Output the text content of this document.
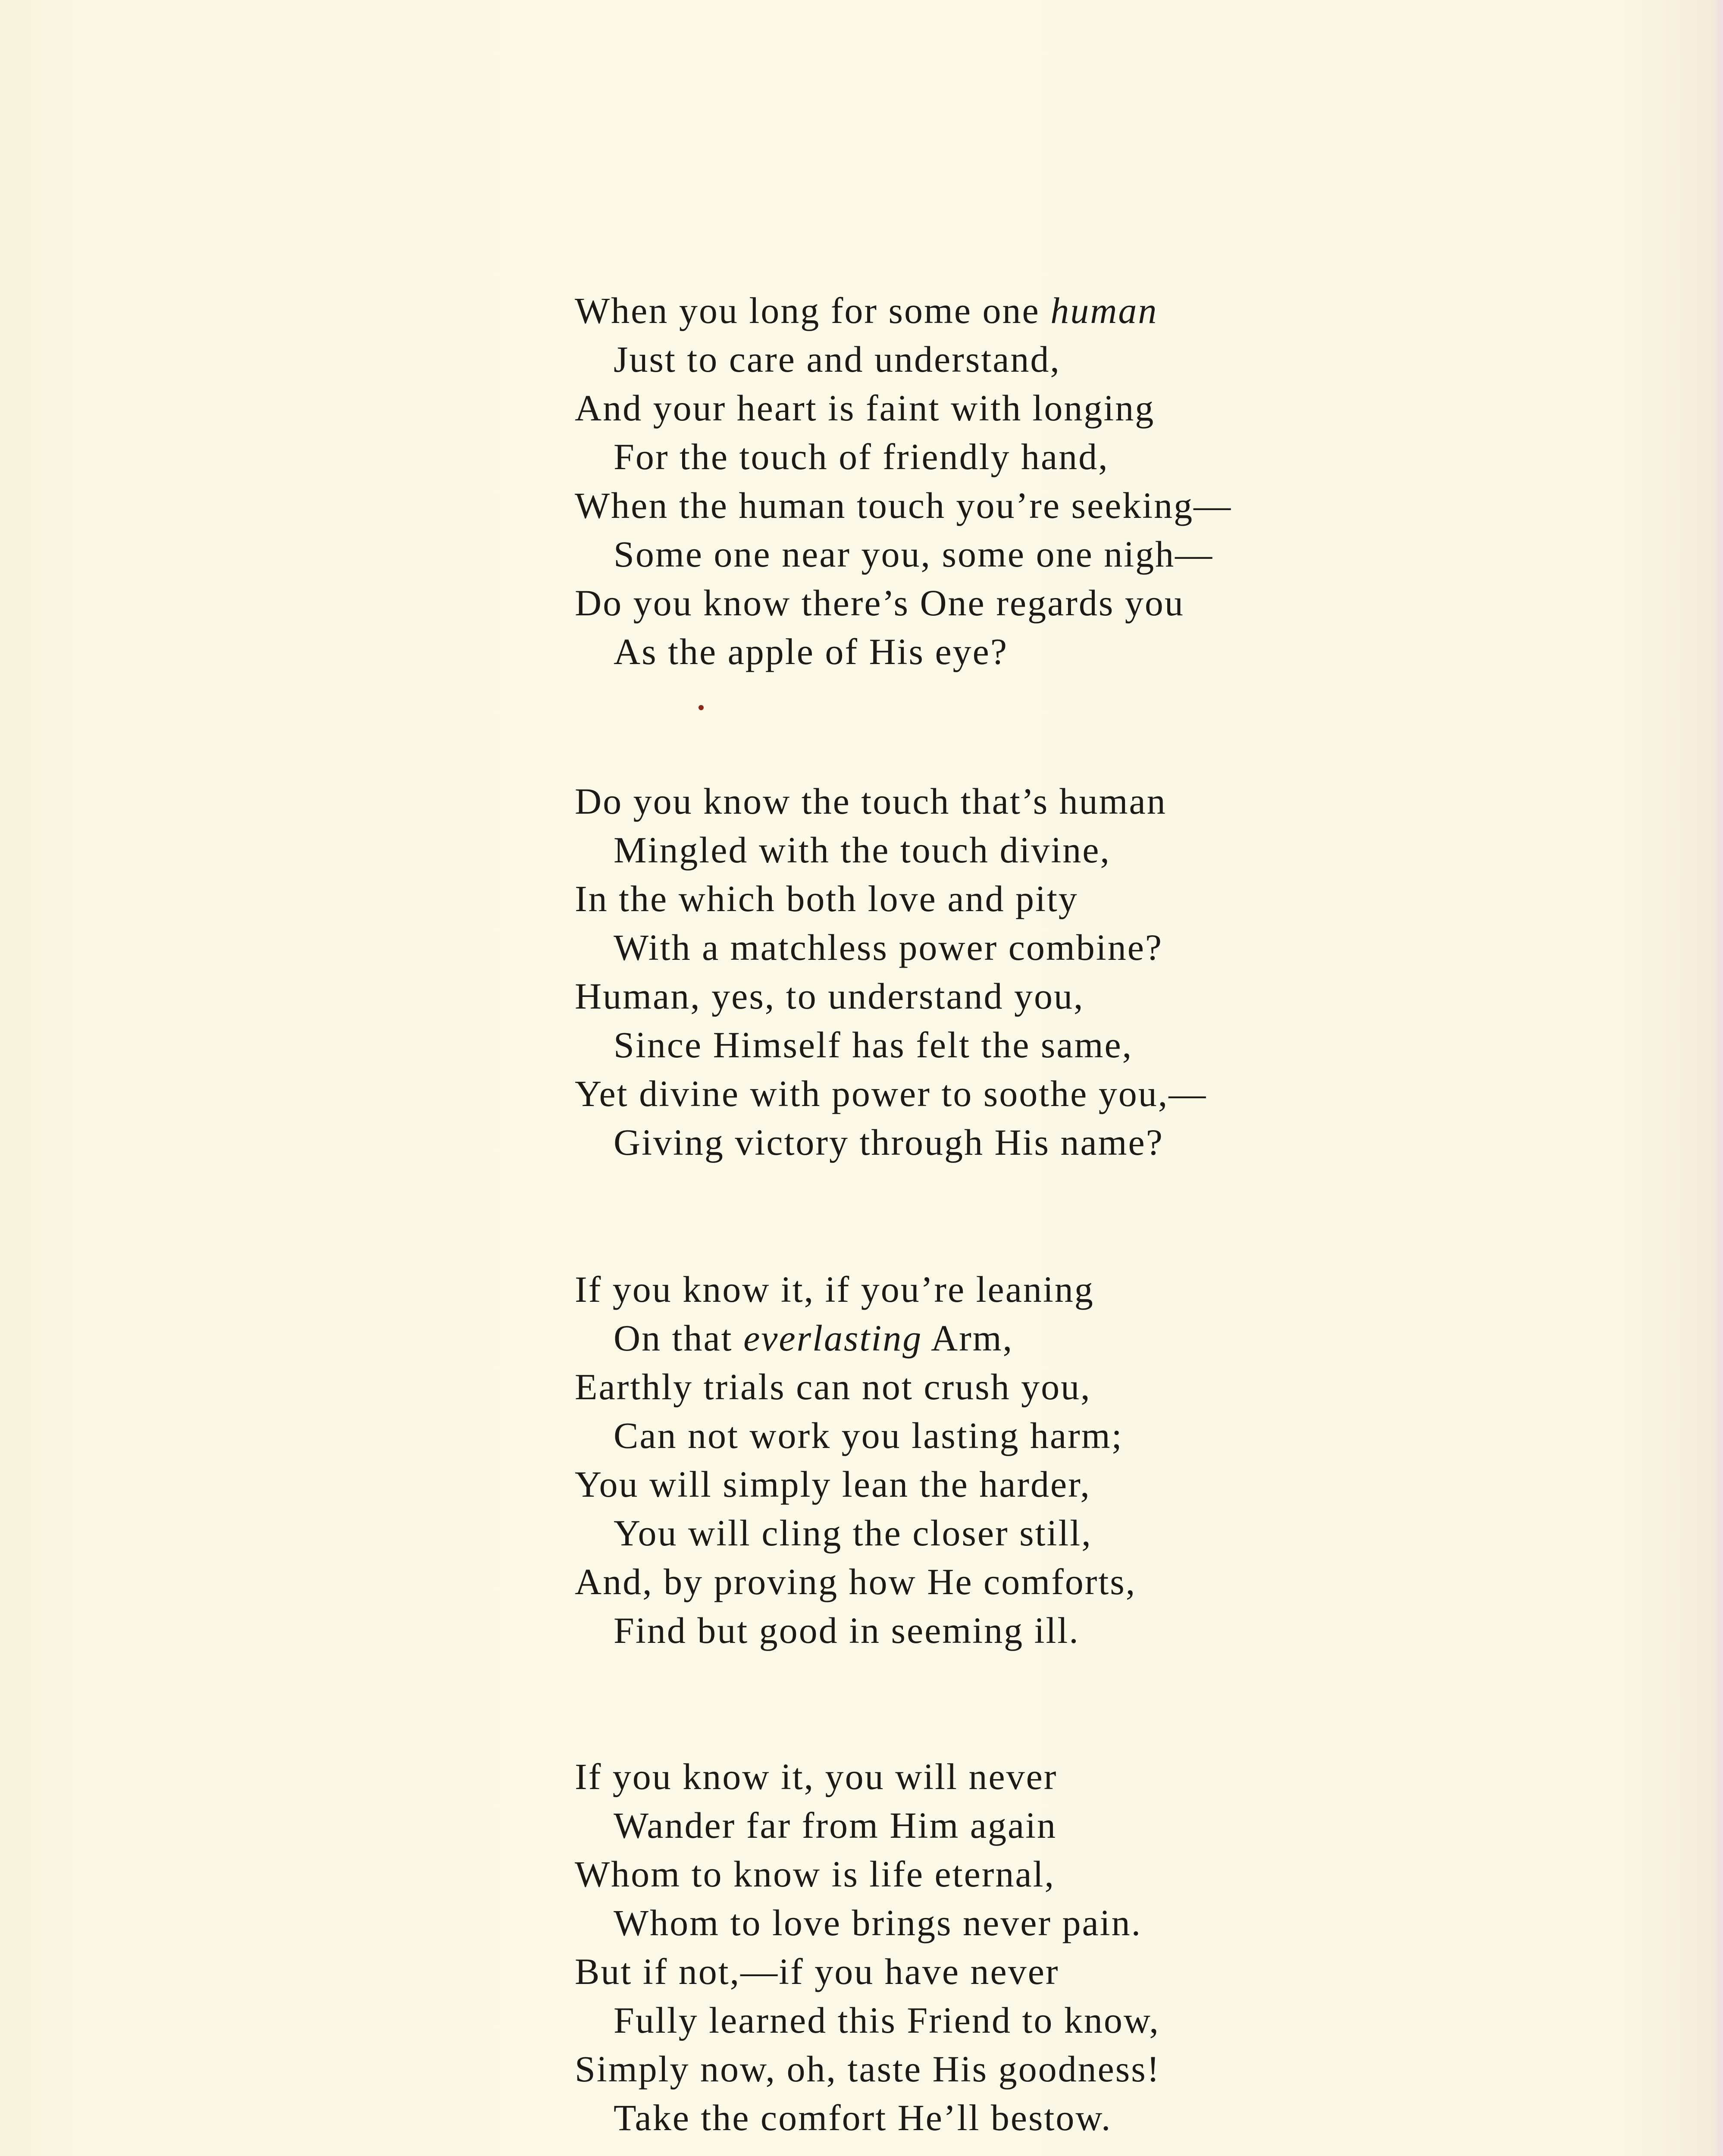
When you long for some one human
Just to care and understand,
And your heart is faint with longing
For the touch of friendly hand,
When the human touch you’re seeking—
Some one near you, some one nigh—
Do you know there’s One regards you
As the apple of His eye?
Do you know the touch that’s human
Mingled with the touch divine,
In the which both love and pity
With a matchless power combine?
Human, yes, to understand you,
Since Himself has felt the same,
Yet divine with power to soothe you,—
Giving victory through His name?
If you know it, if you’re leaning
On that everlasting Arm,
Earthly trials can not crush you,
Can not work you lasting harm;
You will simply lean the harder,
You will cling the closer still,
And, by proving how He comforts,
Find but good in seeming ill.
If you know it, you will never
Wander far from Him again
Whom to know is life eternal,
Whom to love brings never pain.
But if not,—if you have never
Fully learned this Friend to know,
Simply now, oh, taste His goodness!
Take the comfort He’ll bestow.
